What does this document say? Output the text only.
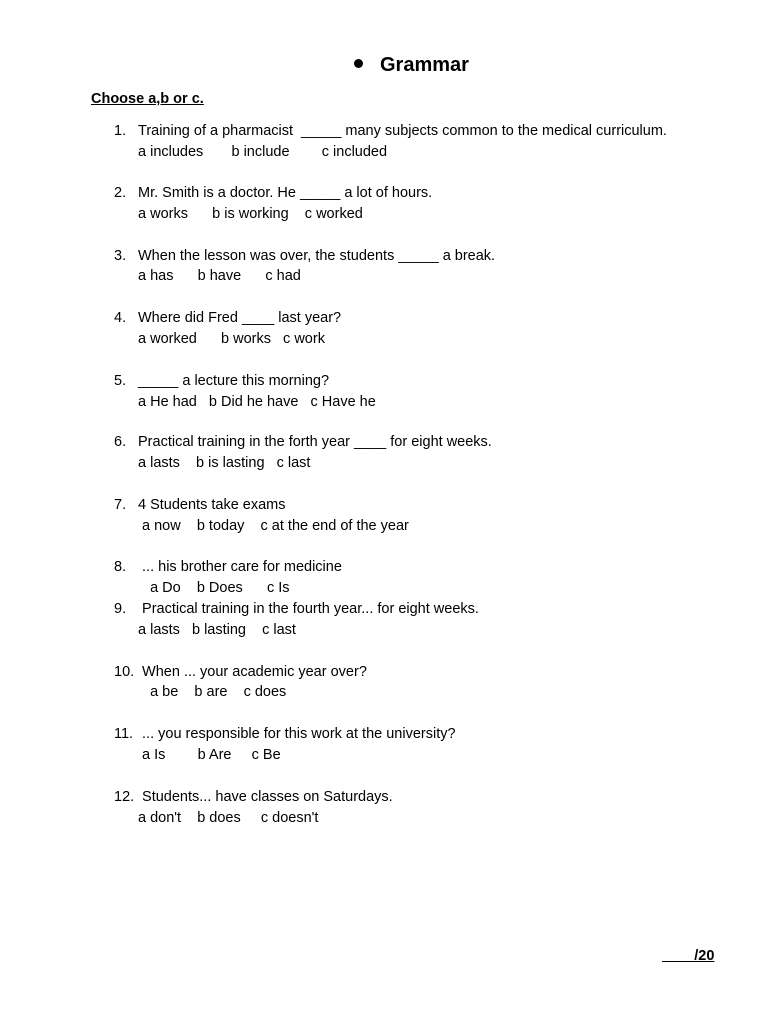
Grammar
Choose a,b or c.
Training of a pharmacist  _____ many subjects common to the medical curriculum.
1.
a includes       b include        c included
2. Mr. Smith is a doctor. He _____ a lot of hours.
a works      b is working    c worked
3. When the lesson was over, the students _____ a break.
a has      b have      c had
4. Where did Fred ____ last year?
a worked      b works   c work
5. _____ a lecture this morning?
a He had   b Did he have   c Have he
6. Practical training in the forth year ____ for eight weeks.
a lasts    b is lasting   c last
7. 4 Students take exams
a now    b today    c at the end of the year
8. ... his brother care for medicine
a Do    b Does      c Is
9. Practical training in the fourth year... for eight weeks.
a lasts   b lasting    c last
10. When ... your academic year over?
a be    b are    c does
11. ... you responsible for this work at the university?
a Is        b Are     c Be
12. Students... have classes on Saturdays.
a don't    b does     c doesn't
____/20
